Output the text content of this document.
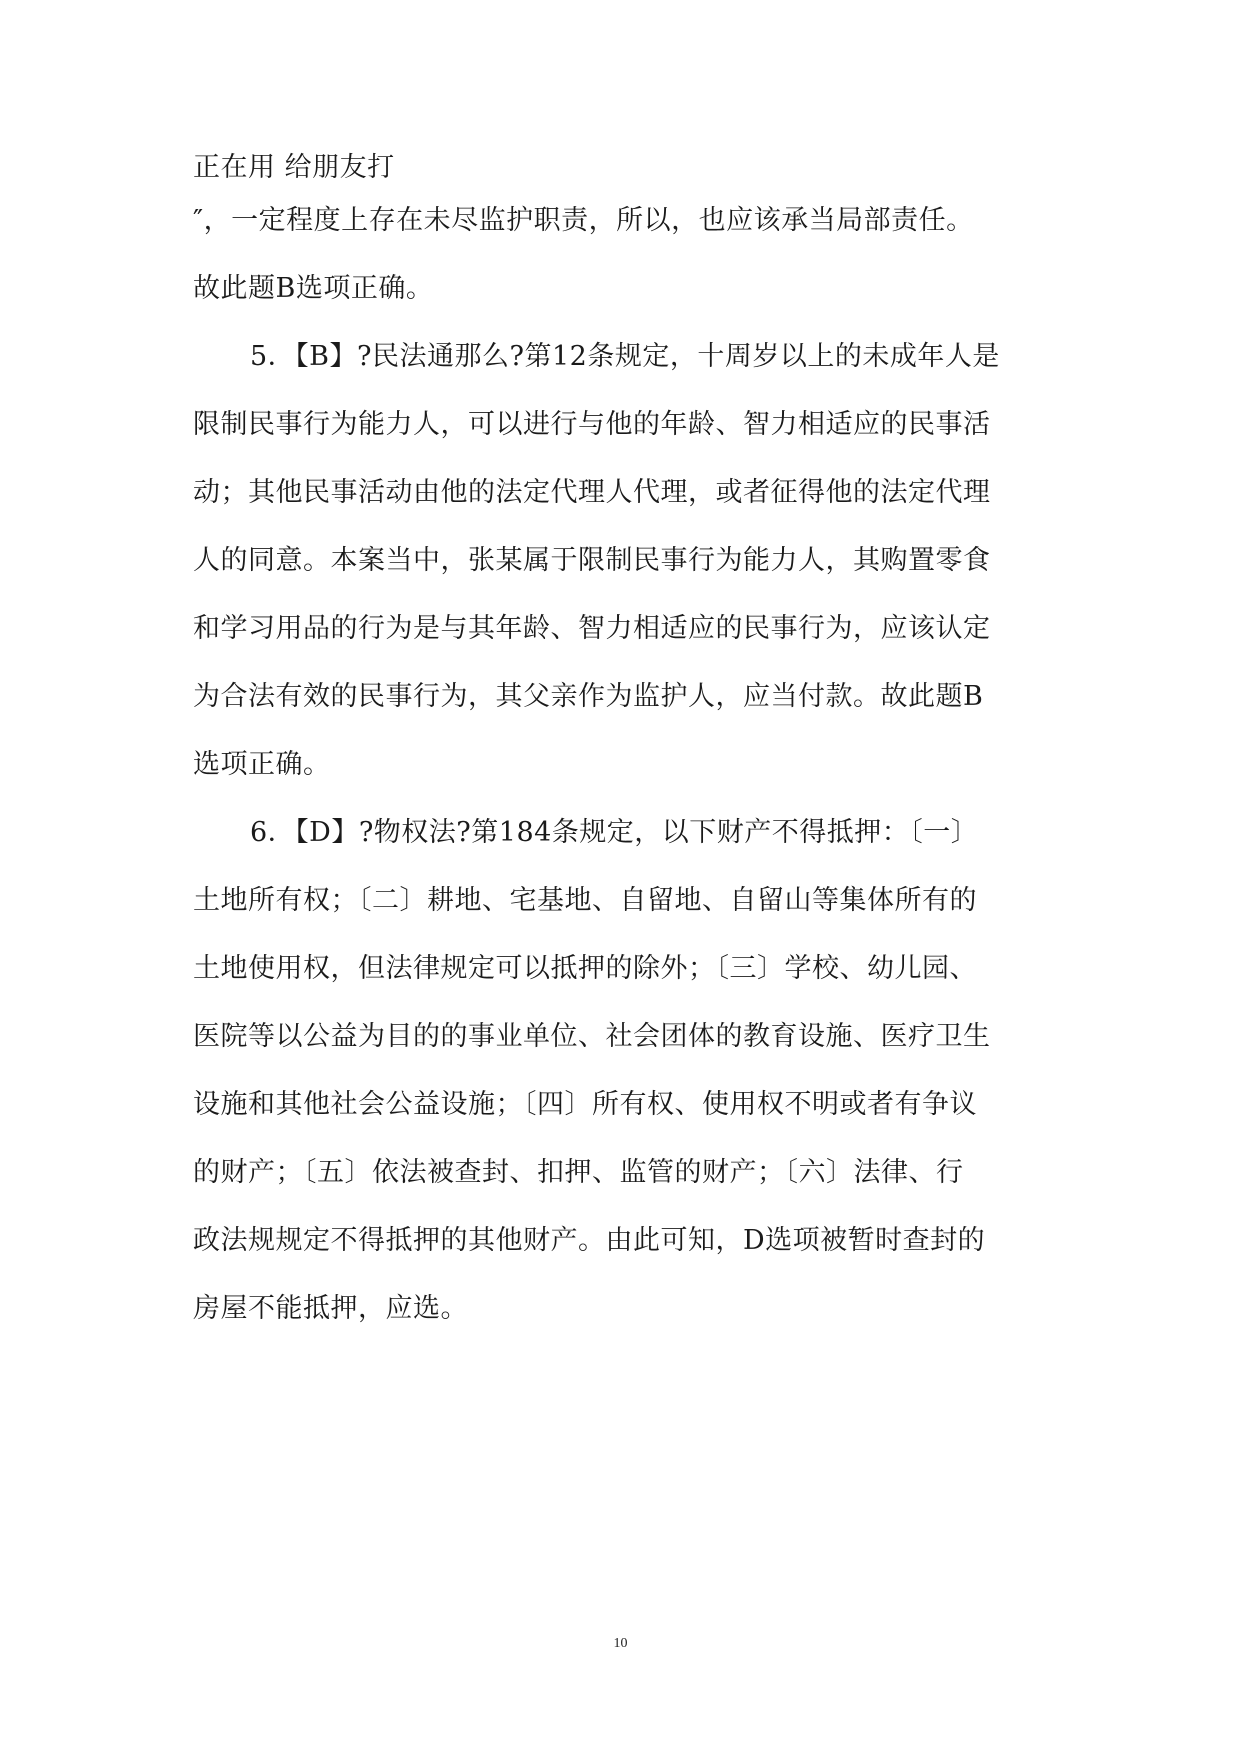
正在用 给朋友打
″，一定程度上存在未尽监护职责，所以，也应该承当局部责任。
故此题B选项正确。
5．【B】?民法通那么?第12条规定，十周岁以上的未成年人是
限制民事行为能力人，可以进行与他的年龄、智力相适应的民事活
动；其他民事活动由他的法定代理人代理，或者征得他的法定代理
人的同意。本案当中，张某属于限制民事行为能力人，其购置零食
和学习用品的行为是与其年龄、智力相适应的民事行为，应该认定
为合法有效的民事行为，其父亲作为监护人，应当付款。故此题B
选项正确。
6．【D】?物权法?第184条规定，以下财产不得抵押：〔一〕
土地所有权；〔二〕耕地、宅基地、自留地、自留山等集体所有的
土地使用权，但法律规定可以抵押的除外；〔三〕学校、幼儿园、
医院等以公益为目的的事业单位、社会团体的教育设施、医疗卫生
设施和其他社会公益设施；〔四〕所有权、使用权不明或者有争议
的财产；〔五〕依法被查封、扣押、监管的财产；〔六〕法律、行
政法规规定不得抵押的其他财产。由此可知，D选项被暂时查封的
房屋不能抵押，应选。
10
